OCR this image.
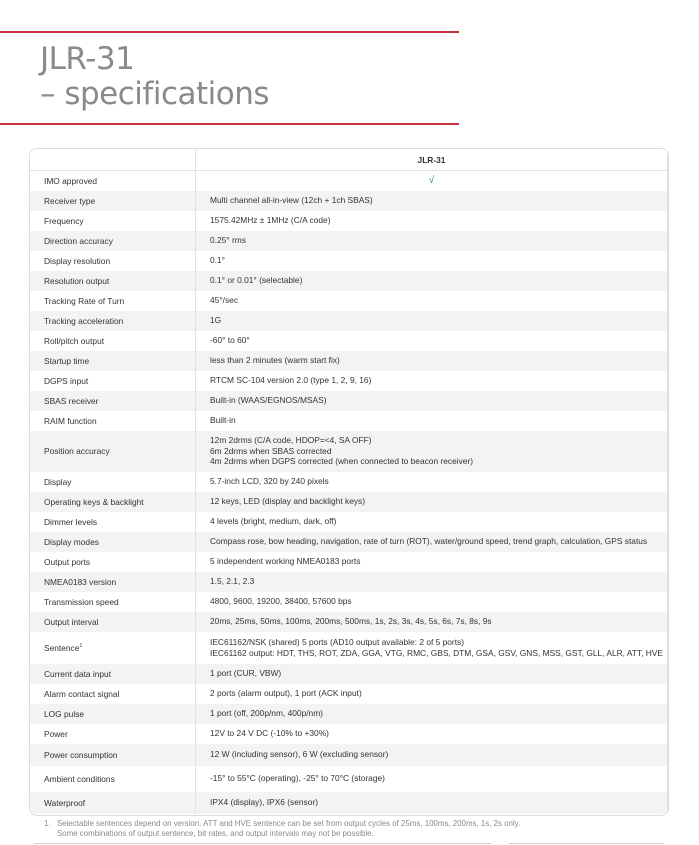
JLR-31
– specifications
	JLR-31
IMO approved	√

Receiver type	Multi channel all-in-view (12ch + 1ch SBAS)
Frequency	1575.42MHz ± 1MHz (C/A code)
Direction accuracy	0.25° rms
Display resolution	0.1°
Resolution output	0.1° or 0.01° (selectable)
Tracking Rate of Turn	45°/sec
Tracking acceleration	1G
Roll/pitch output	-60° to 60°
Startup time	less than 2 minutes (warm start fix)
DGPS input	RTCM SC-104 version 2.0 (type 1, 2, 9, 16)
SBAS receiver	Built-in (WAAS/EGNOS/MSAS)
RAIM function	Built-in
Position accuracy	12m 2drms (C/A code, HDOP=<4, SA OFF)
6m 2drms when SBAS corrected
4m 2drms when DGPS corrected (when connected to beacon receiver)

Display	5.7-inch LCD, 320 by 240 pixels
Operating keys & backlight	12 keys, LED (display and backlight keys)
Dimmer levels	4 levels (bright, medium, dark, off)
Display modes	Compass rose, bow heading, navigation, rate of turn (ROT), water/ground speed, trend graph, calculation, GPS status
Output ports	5 independent working NMEA0183 ports
NMEA0183 version	1.5, 2.1, 2.3
Transmission speed	4800, 9600, 19200, 38400, 57600 bps
Output interval	20ms, 25ms, 50ms, 100ms, 200ms, 500ms, 1s, 2s, 3s, 4s, 5s, 6s, 7s, 8s, 9s
Sentence$^1$	IEC61162/NSK (shared) 5 ports (AD10 output available: 2 of 5 ports)
IEC61162 output: HDT, THS, ROT, ZDA, GGA, VTG, RMC, GBS, DTM, GSA, GSV, GNS, MSS, GST, GLL, ALR, ATT, HVE

Current data input	1 port (CUR, VBW)
Alarm contact signal	2 ports (alarm output), 1 port (ACK input)
LOG pulse	1 port (off, 200p/nm, 400p/nm)
Power	12V to 24 V DC (-10% to +30%)
Power consumption	12 W (including sensor), 6 W (excluding sensor)
Ambient conditions	-15° to 55°C (operating), -25° to 70°C (storage)
Waterproof	IPX4 (display), IPX6 (sensor)
1. Selectable sentences depend on version. ATT and HVE sentence can be set from output cycles of 25ms, 100ms, 200ms, 1s, 2s only.
Some combinations of output sentence, bit rates, and output intervals may not be possible.
